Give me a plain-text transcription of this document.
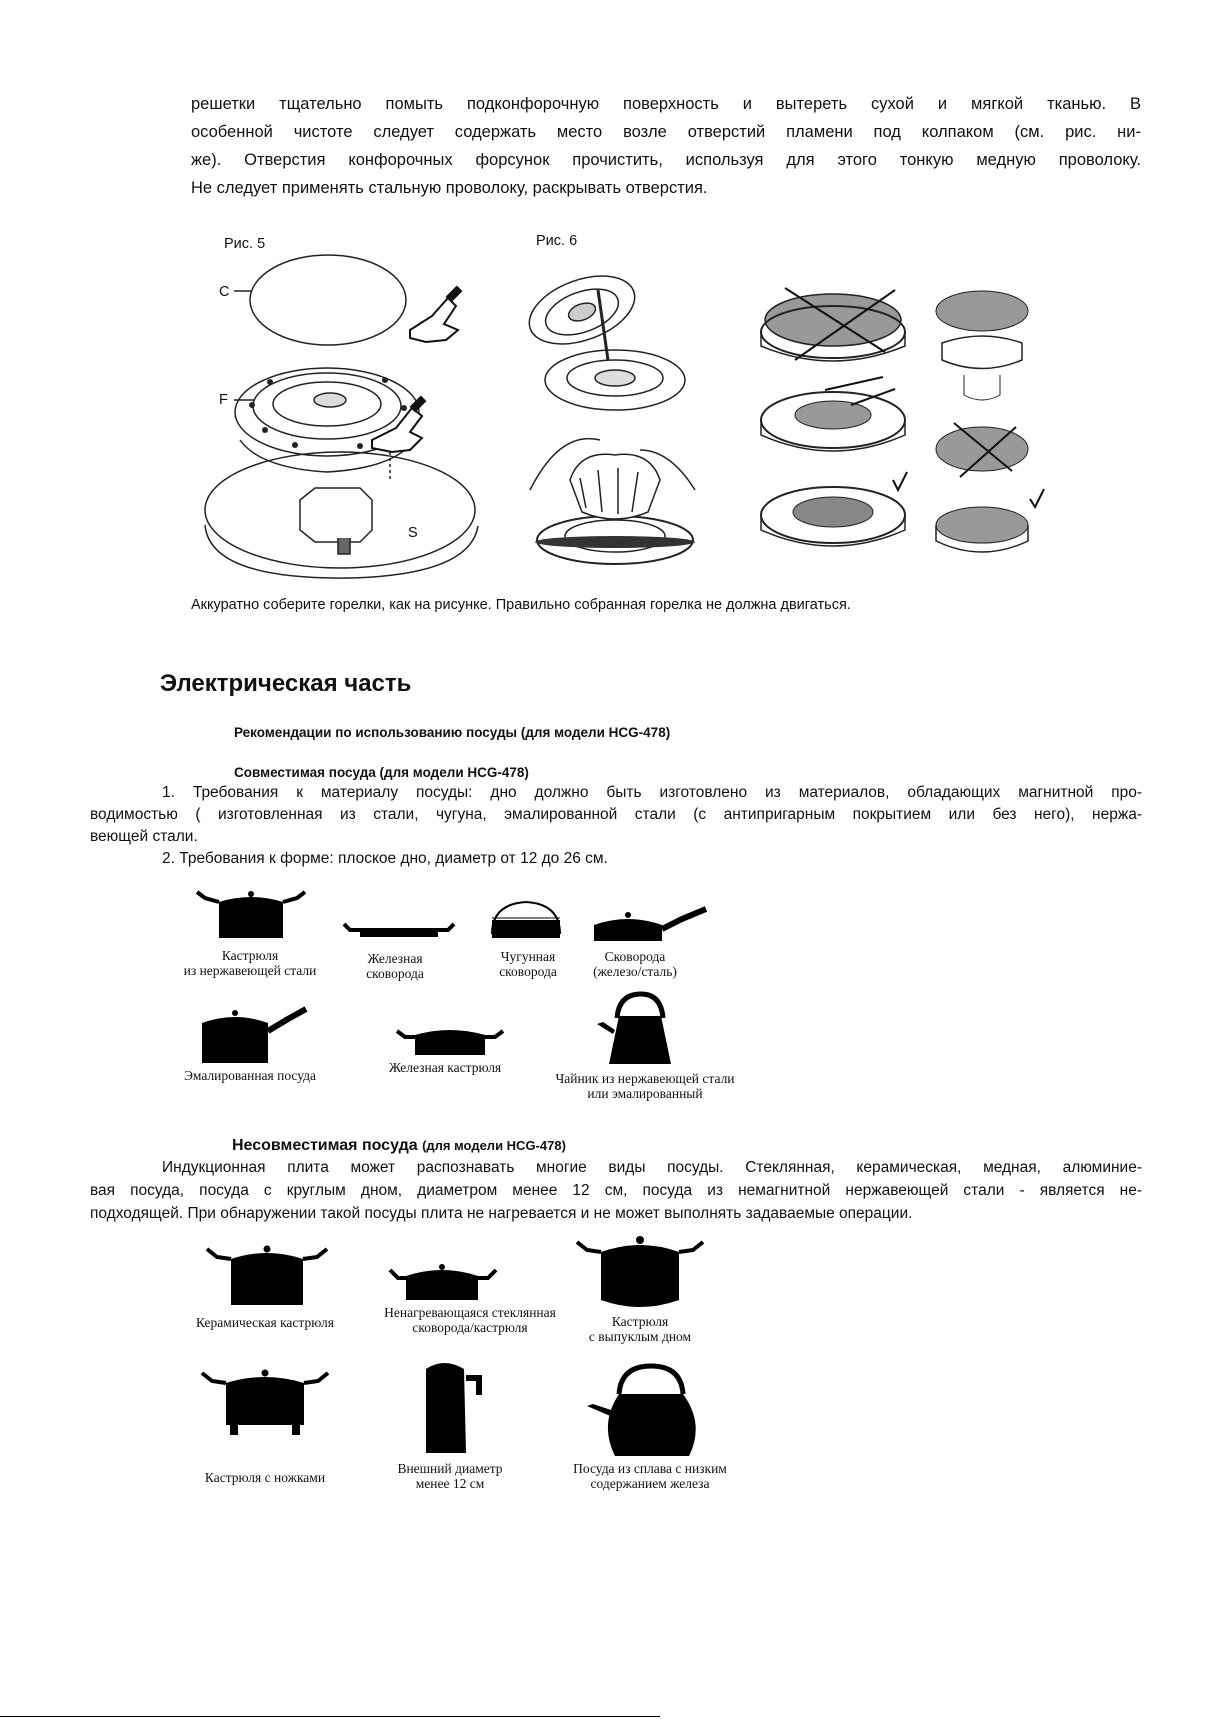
решетки тщательно помыть подконфорочную поверхность и вытереть сухой и мягкой тканью. В
особенной чистоте следует содержать место возле отверстий пламени под колпаком (см. рис. ни-
же). Отверстия конфорочных форсунок прочистить, используя для этого тонкую медную проволоку.
Не следует применять стальную проволоку, раскрывать отверстия.
Рис. 5
C
F
S
Рис. 6
Аккуратно соберите горелки, как на рисунке. Правильно собранная горелка не должна двигаться.
Электрическая часть
Рекомендации по использованию посуды (для модели HCG-478)
Совместимая посуда (для модели HCG-478)
1. Требования к материалу посуды: дно должно быть изготовлено из материалов, обладающих магнитной про-
водимостью ( изготовленная из стали, чугуна, эмалированной стали (с антипригарным покрытием или без него), нержа-
веющей стали.
2. Требования к форме: плоское дно, диаметр от 12 до 26 см.
Кастрюля
из нержавеющей стали
Железная
сковорода
Чугунная
сковорода
Сковорода
(железо/сталь)
Эмалированная посуда
Железная кастрюля
Чайник из нержавеющей стали
или эмалированный
Несовместимая посуда (для модели HCG-478)
Индукционная плита может распознавать многие виды посуды. Стеклянная, керамическая, медная, алюминие-
вая посуда, посуда с круглым дном, диаметром менее 12 см, посуда из немагнитной нержавеющей стали - является не-
подходящей. При обнаружении такой посуды плита не нагревается и не может выполнять задаваемые операции.
Керамическая кастрюля
Ненагревающаяся стеклянная
сковорода/кастрюля	Кастрюля
с выпуклым дном
Кастрюля с ножками
Внешний диаметр
менее 12 см
Посуда из сплава с низким
содержанием железа
